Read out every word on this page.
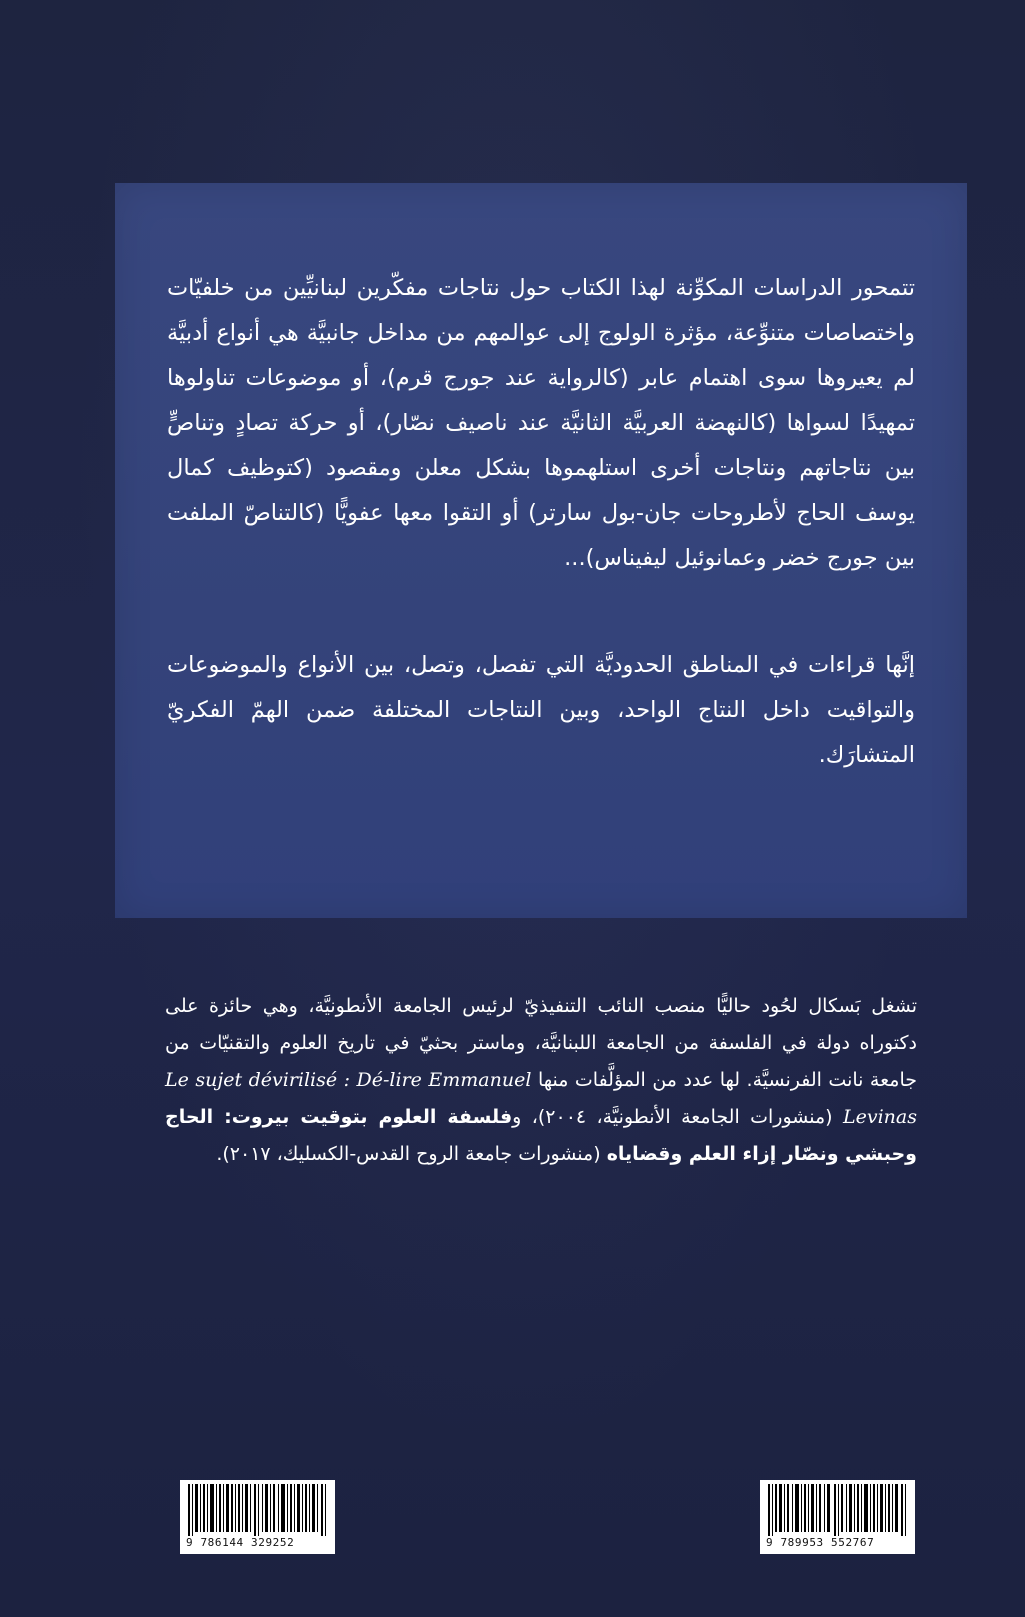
تتمحور الدراسات المكوِّنة لهذا الكتاب حول نتاجات مفكّرين لبنانيِّين من خلفيّات واختصاصات متنوِّعة، مؤثرة الولوج إلى عوالمهم من مداخل جانبيَّة هي أنواع أدبيَّة لم يعيروها سوى اهتمام عابر (كالرواية عند جورج قرم)، أو موضوعات تناولوها تمهيدًا لسواها (كالنهضة العربيَّة الثانيَّة عند ناصيف نصّار)، أو حركة تصادٍ وتناصٍّ بين نتاجاتهم ونتاجات أخرى استلهموها بشكل معلن ومقصود (كتوظيف كمال يوسف الحاج لأطروحات جان-بول سارتر) أو التقوا معها عفويًّا (كالتناصّ الملفت بين جورج خضر وعمانوئيل ليفيناس)...

إنَّها قراءات في المناطق الحدوديَّة التي تفصل، وتصل، بين الأنواع والموضوعات والتواقيت داخل النتاج الواحد، وبين النتاجات المختلفة ضمن الهمّ الفكريّ المتشارَك.

تشغل بَسكال لحُود حاليًّا منصب النائب التنفيذيّ لرئيس الجامعة الأنطونيَّة، وهي حائزة على دكتوراه دولة في الفلسفة من الجامعة اللبنانيَّة، وماستر بحثيّ في تاريخ العلوم والتقنيّات من جامعة نانت الفرنسيَّة. لها عدد من المؤلَّفات منها Le sujet dévirilisé : Dé-lire Emmanuel Levinas (منشورات الجامعة الأنطونيَّة، ٢٠٠٤)، وفلسفة العلوم بتوقيت بيروت: الحاج وحبشي ونصّار إزاء العلم وقضاياه (منشورات جامعة الروح القدس-الكسليك، ٢٠١٧).

9 786144 329252	9 789953 552767
